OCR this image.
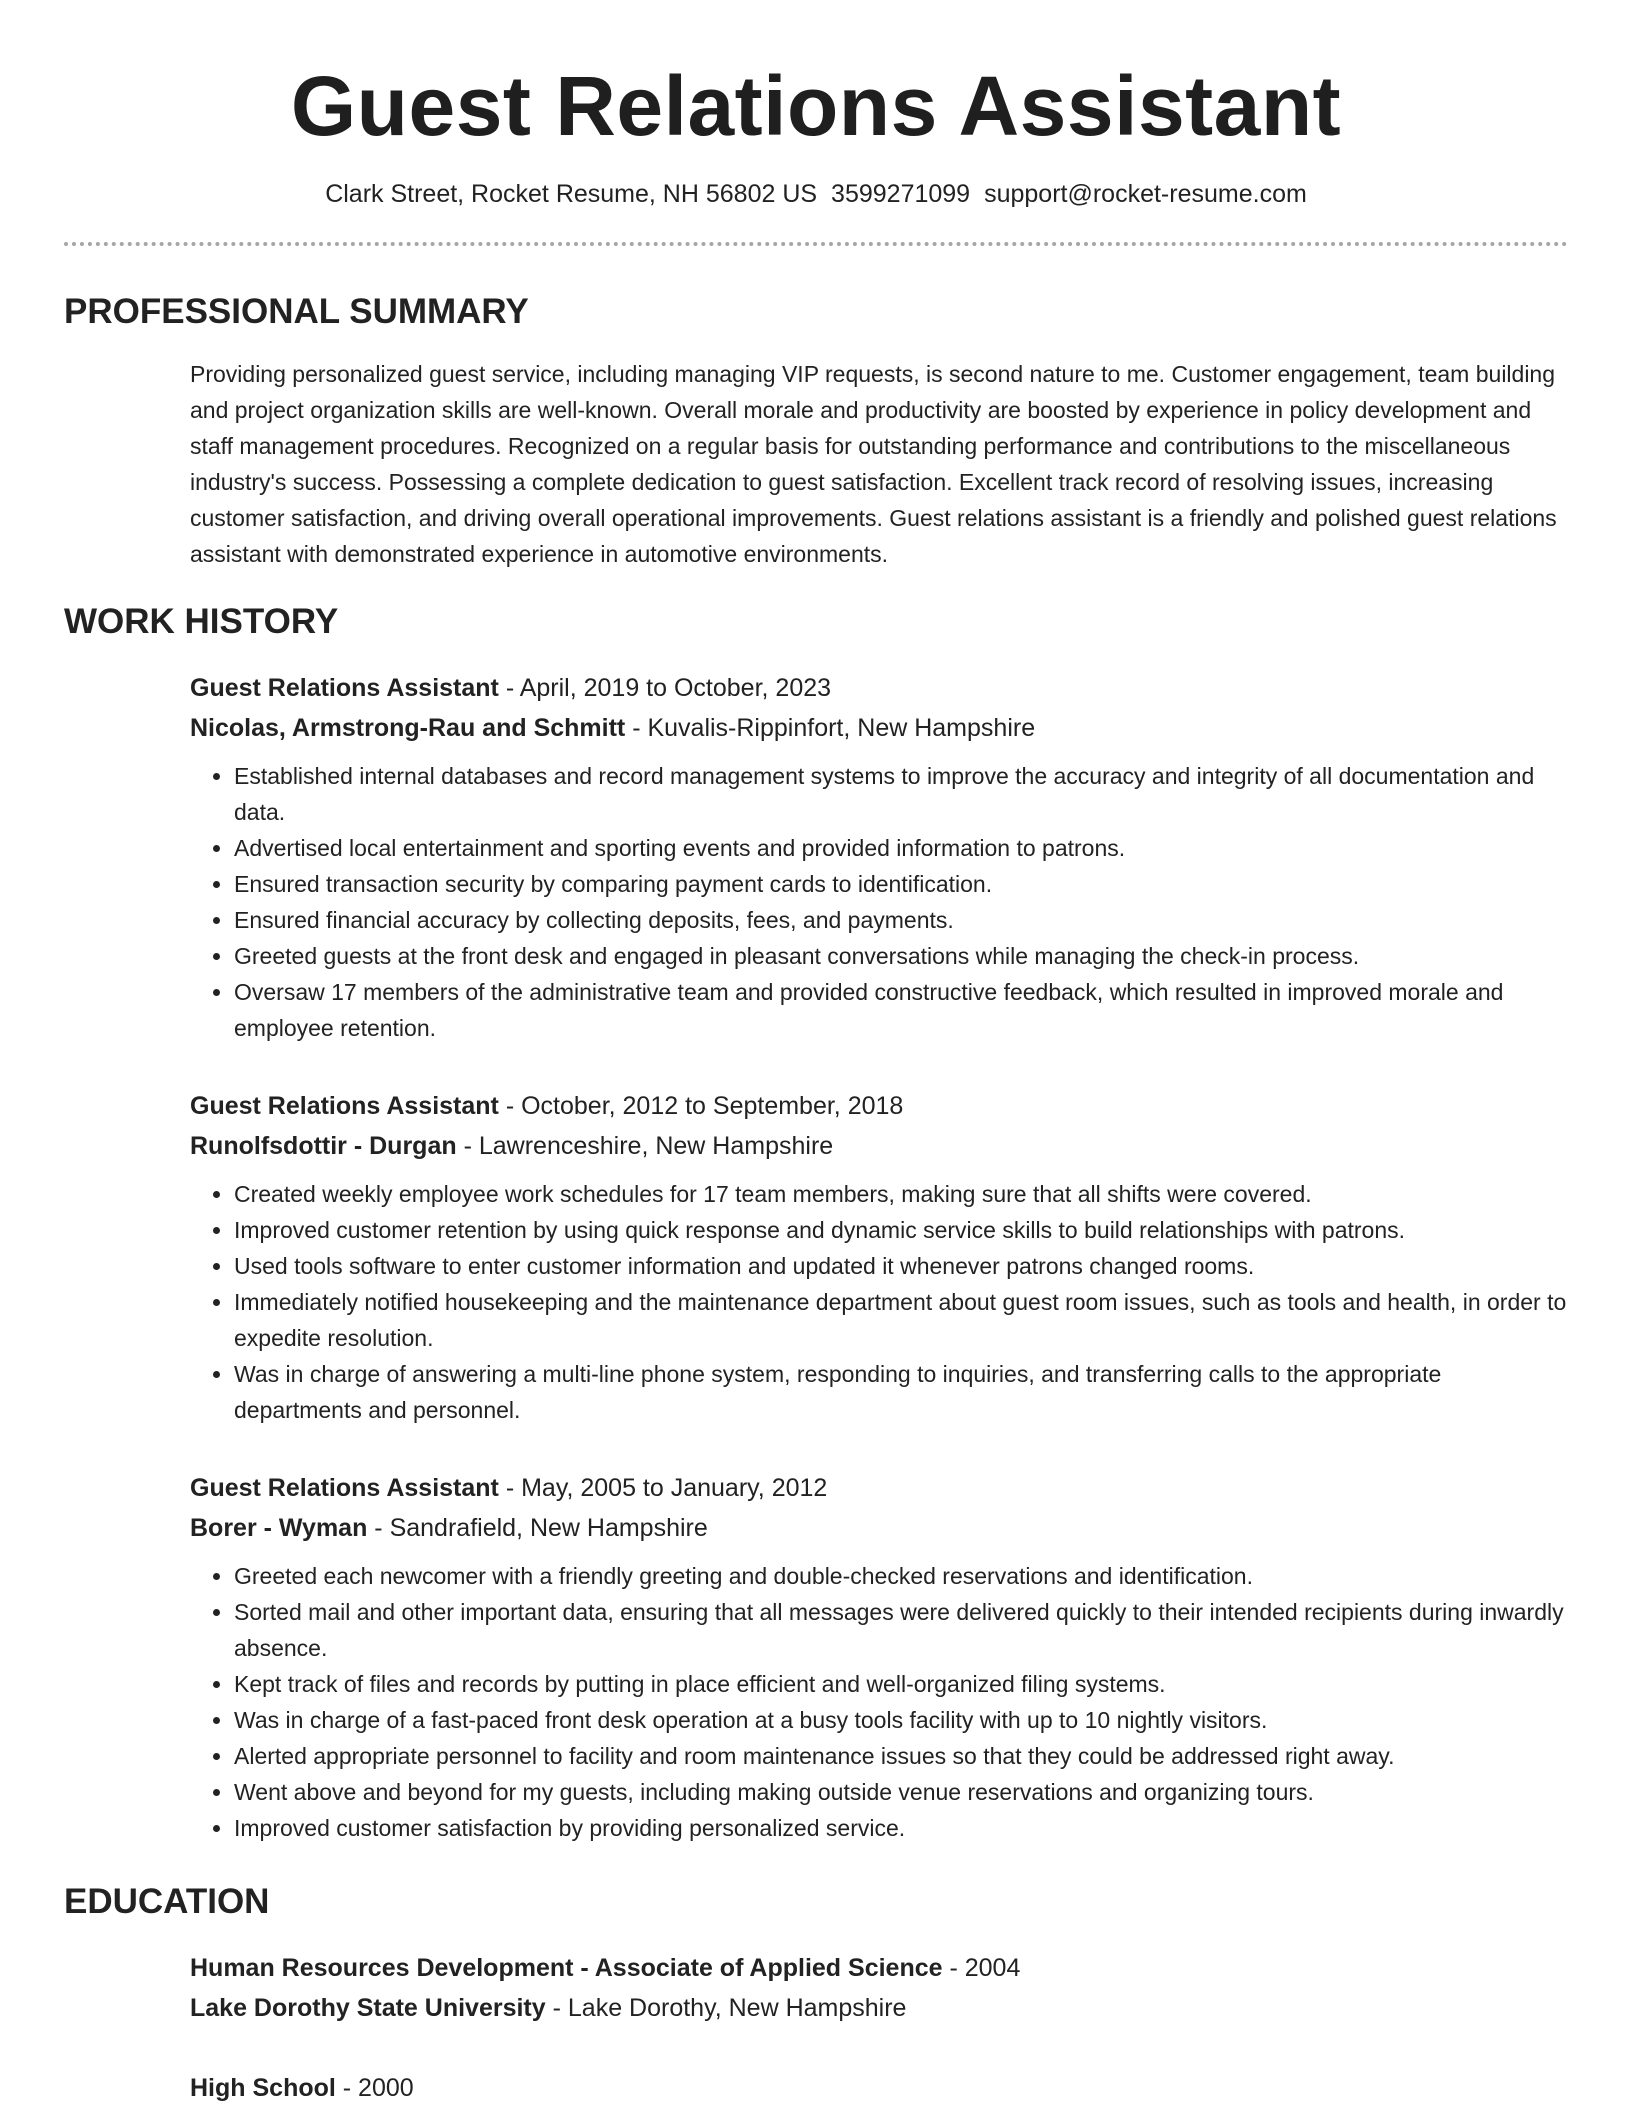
Guest Relations Assistant
Clark Street, Rocket Resume, NH 56802 US 3599271099 support@rocket-resume.com
PROFESSIONAL SUMMARY
Providing personalized guest service, including managing VIP requests, is second nature to me. Customer engagement, team building and project organization skills are well-known. Overall morale and productivity are boosted by experience in policy development and staff management procedures. Recognized on a regular basis for outstanding performance and contributions to the miscellaneous industry's success. Possessing a complete dedication to guest satisfaction. Excellent track record of resolving issues, increasing customer satisfaction, and driving overall operational improvements. Guest relations assistant is a friendly and polished guest relations assistant with demonstrated experience in automotive environments.
WORK HISTORY
Guest Relations Assistant - April, 2019 to October, 2023
Nicolas, Armstrong-Rau and Schmitt - Kuvalis-Rippinfort, New Hampshire
• Established internal databases and record management systems to improve the accuracy and integrity of all documentation and data.
• Advertised local entertainment and sporting events and provided information to patrons.
• Ensured transaction security by comparing payment cards to identification.
• Ensured financial accuracy by collecting deposits, fees, and payments.
• Greeted guests at the front desk and engaged in pleasant conversations while managing the check-in process.
• Oversaw 17 members of the administrative team and provided constructive feedback, which resulted in improved morale and employee retention.
Guest Relations Assistant - October, 2012 to September, 2018
Runolfsdottir - Durgan - Lawrenceshire, New Hampshire
• Created weekly employee work schedules for 17 team members, making sure that all shifts were covered.
• Improved customer retention by using quick response and dynamic service skills to build relationships with patrons.
• Used tools software to enter customer information and updated it whenever patrons changed rooms.
• Immediately notified housekeeping and the maintenance department about guest room issues, such as tools and health, in order to expedite resolution.
• Was in charge of answering a multi-line phone system, responding to inquiries, and transferring calls to the appropriate departments and personnel.
Guest Relations Assistant - May, 2005 to January, 2012
Borer - Wyman - Sandrafield, New Hampshire
• Greeted each newcomer with a friendly greeting and double-checked reservations and identification.
• Sorted mail and other important data, ensuring that all messages were delivered quickly to their intended recipients during inwardly absence.
• Kept track of files and records by putting in place efficient and well-organized filing systems.
• Was in charge of a fast-paced front desk operation at a busy tools facility with up to 10 nightly visitors.
• Alerted appropriate personnel to facility and room maintenance issues so that they could be addressed right away.
• Went above and beyond for my guests, including making outside venue reservations and organizing tours.
• Improved customer satisfaction by providing personalized service.
EDUCATION
Human Resources Development - Associate of Applied Science - 2004
Lake Dorothy State University - Lake Dorothy, New Hampshire
High School - 2000
